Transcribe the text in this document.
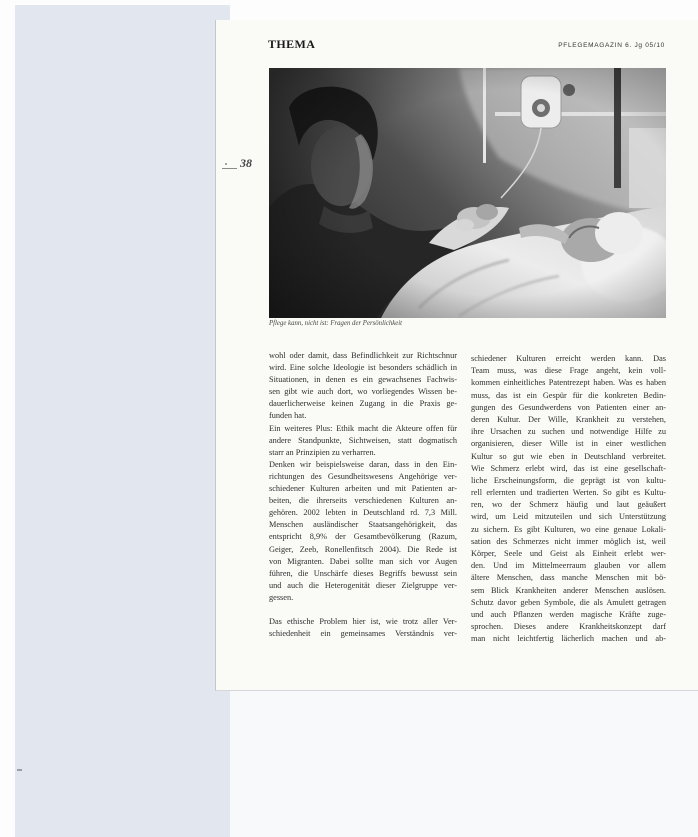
THEMA	PFLEGEMAGAZIN 6. Jg 05/10
38
Pflege kann, nicht ist: Fragen der Persönlichkeit
wohl oder damit, dass Befindlichkeit zur Richtschnur
wird. Eine solche Ideologie ist besonders schädlich in
Situationen, in denen es ein gewachsenes Fachwis-
sen gibt wie auch dort, wo vorliegendes Wissen be-
dauerlicherweise keinen Zugang in die Praxis ge-
funden hat.
Ein weiteres Plus: Ethik macht die Akteure offen für
andere Standpunkte, Sichtweisen, statt dogmatisch
starr an Prinzipien zu verharren.
Denken wir beispielsweise daran, dass in den Ein-
richtungen des Gesundheitswesens Angehörige ver-
schiedener Kulturen arbeiten und mit Patienten ar-
beiten, die ihrerseits verschiedenen Kulturen an-
gehören. 2002 lebten in Deutschland rd. 7,3 Mill.
Menschen ausländischer Staatsangehörigkeit, das
entspricht 8,9% der Gesamtbevölkerung (Razum,
Geiger, Zeeb, Ronellenfitsch 2004). Die Rede ist
von Migranten. Dabei sollte man sich vor Augen
führen, die Unschärfe dieses Begriffs bewusst sein
und auch die Heterogenität dieser Zielgruppe ver-
gessen.
Das ethische Problem hier ist, wie trotz aller Ver-
schiedenheit ein gemeinsames Verständnis ver-
schiedener Kulturen erreicht werden kann. Das
Team muss, was diese Frage angeht, kein voll-
kommen einheitliches Patentrezept haben. Was es haben
muss, das ist ein Gespür für die konkreten Bedin-
gungen des Gesundwerdens von Patienten einer an-
deren Kultur. Der Wille, Krankheit zu verstehen,
ihre Ursachen zu suchen und notwendige Hilfe zu
organisieren, dieser Wille ist in einer westlichen
Kultur so gut wie eben in Deutschland verbreitet.
Wie Schmerz erlebt wird, das ist eine gesellschaft-
liche Erscheinungsform, die geprägt ist von kultu-
rell erlernten und tradierten Werten. So gibt es Kultu-
ren, wo der Schmerz häufig und laut geäußert
wird, um Leid mitzuteilen und sich Unterstützung
zu sichern. Es gibt Kulturen, wo eine genaue Lokali-
sation des Schmerzes nicht immer möglich ist, weil
Körper, Seele und Geist als Einheit erlebt wer-
den. Und im Mittelmeerraum glauben vor allem
ältere Menschen, dass manche Menschen mit bö-
sem Blick Krankheiten anderer Menschen auslösen.
Schutz davor geben Symbole, die als Amulett getragen
und auch Pflanzen werden magische Kräfte zuge-
sprochen. Dieses andere Krankheitskonzept darf
man nicht leichtfertig lächerlich machen und ab-
